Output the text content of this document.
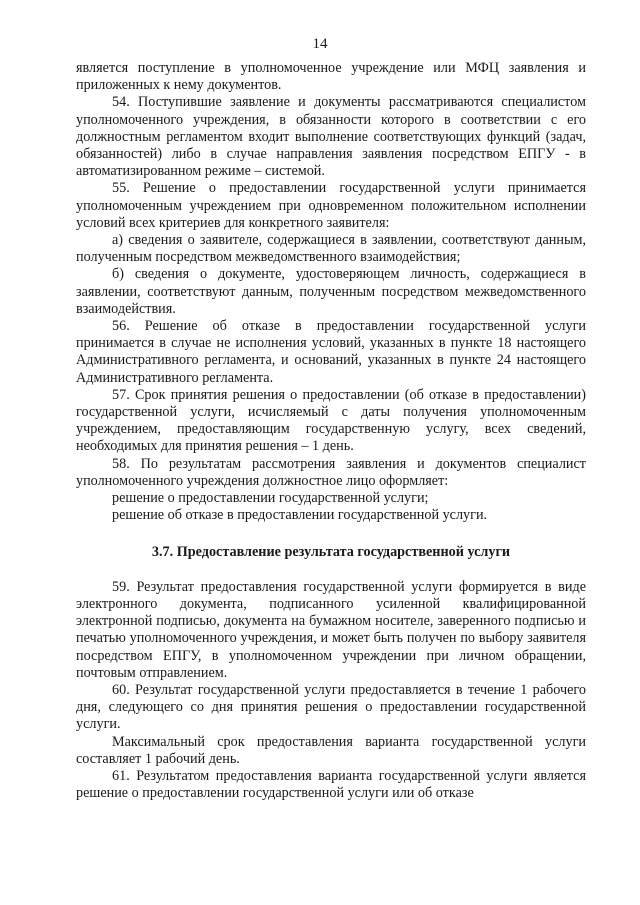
14

является поступление в уполномоченное учреждение или МФЦ заявления и приложенных к нему документов.

54. Поступившие заявление и документы рассматриваются специалистом уполномоченного учреждения, в обязанности которого в соответствии с его должностным регламентом входит выполнение соответствующих функций (задач, обязанностей) либо в случае направления заявления посредством ЕПГУ - в автоматизированном режиме – системой.

55. Решение о предоставлении государственной услуги принимается уполномоченным учреждением при одновременном положительном исполнении условий всех критериев для конкретного заявителя:

а) сведения о заявителе, содержащиеся в заявлении, соответствуют данным, полученным посредством межведомственного взаимодействия;

б) сведения о документе, удостоверяющем личность, содержащиеся в заявлении, соответствуют данным, полученным посредством межведомственного взаимодействия.

56. Решение об отказе в предоставлении государственной услуги принимается в случае не исполнения условий, указанных в пункте 18 настоящего Административного регламента, и оснований, указанных в пункте 24 настоящего Административного регламента.

57. Срок принятия решения о предоставлении (об отказе в предоставлении) государственной услуги, исчисляемый с даты получения уполномоченным учреждением, предоставляющим государственную услугу, всех сведений, необходимых для принятия решения – 1 день.

58. По результатам рассмотрения заявления и документов специалист уполномоченного учреждения должностное лицо оформляет:

решение о предоставлении государственной услуги;

решение об отказе в предоставлении государственной услуги.

3.7. Предоставление результата государственной услуги

59. Результат предоставления государственной услуги формируется в виде электронного документа, подписанного усиленной квалифицированной электронной подписью, документа на бумажном носителе, заверенного подписью и печатью уполномоченного учреждения, и может быть получен по выбору заявителя посредством ЕПГУ, в уполномоченном учреждении при личном обращении, почтовым отправлением.

60. Результат государственной услуги предоставляется в течение 1 рабочего дня, следующего со дня принятия решения о предоставлении государственной услуги.

Максимальный срок предоставления варианта государственной услуги составляет 1 рабочий день.

61. Результатом предоставления варианта государственной услуги является решение о предоставлении государственной услуги или об отказе
